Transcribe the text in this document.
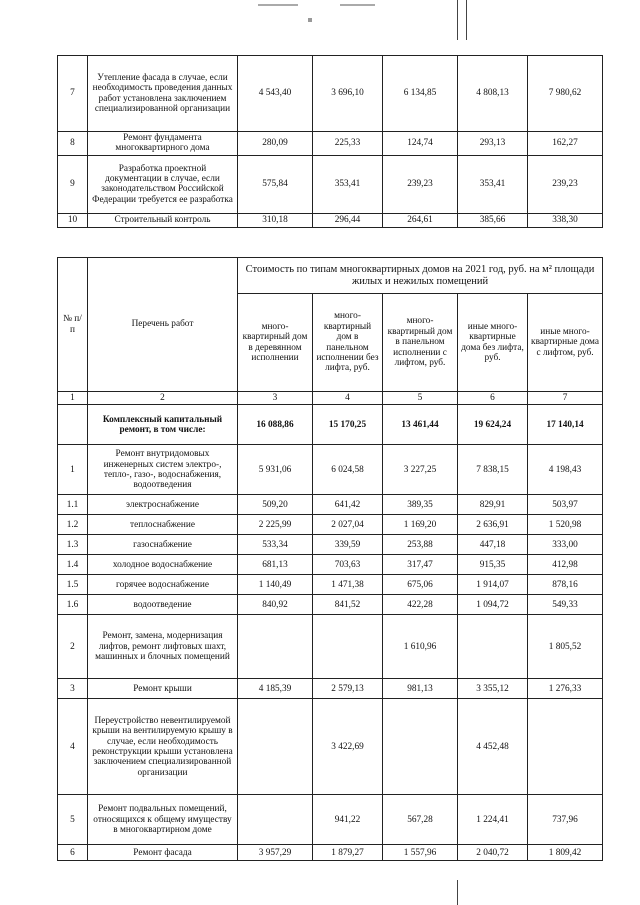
7	Утепление фасада в случае, если необходимость проведения данных работ установлена заключением специализированной организации	4 543,40	3 696,10	6 134,85	4 808,13	7 980,62
8	Ремонт фундамента многоквартирного дома	280,09	225,33	124,74	293,13	162,27
9	Разработка проектной документации в случае, если законодательством Российской Федерации требуется ее разработка	575,84	353,41	239,23	353,41	239,23
10	Строительный контроль	310,18	296,44	264,61	385,66	338,30
№ п/п	Перечень работ	Стоимость по типам многоквартирных домов на 2021 год, руб. на м² площади жилых и нежилых помещений				
		много-квартирный дом в деревянном исполнении	много-квартирный дом в панельном исполнении без лифта, руб.	много-квартирный дом в панельном исполнении с лифтом, руб.	иные много-квартирные дома без лифта, руб.	иные много-квартирные дома с лифтом, руб.
1	2	3	4	5	6	7
	Комплексный капитальный ремонт, в том числе:	16 088,86	15 170,25	13 461,44	19 624,24	17 140,14
1	Ремонт внутридомовых инженерных систем электро-, тепло-, газо-, водоснабжения, водоотведения	5 931,06	6 024,58	3 227,25	7 838,15	4 198,43
1.1	электроснабжение	509,20	641,42	389,35	829,91	503,97
1.2	теплоснабжение	2 225,99	2 027,04	1 169,20	2 636,91	1 520,98
1.3	газоснабжение	533,34	339,59	253,88	447,18	333,00
1.4	холодное водоснабжение	681,13	703,63	317,47	915,35	412,98
1.5	горячее водоснабжение	1 140,49	1 471,38	675,06	1 914,07	878,16
1.6	водоотведение	840,92	841,52	422,28	1 094,72	549,33
2	Ремонт, замена, модернизация лифтов, ремонт лифтовых шахт, машинных и блочных помещений			1 610,96		1 805,52
3	Ремонт крыши	4 185,39	2 579,13	981,13	3 355,12	1 276,33
4	Переустройство невентилируемой крыши на вентилируемую крышу в случае, если необходимость реконструкции крыши установлена заключением специализированной организации		3 422,69		4 452,48	
5	Ремонт подвальных помещений, относящихся к общему имуществу в многоквартирном доме		941,22	567,28	1 224,41	737,96
6	Ремонт фасада	3 957,29	1 879,27	1 557,96	2 040,72	1 809,42
